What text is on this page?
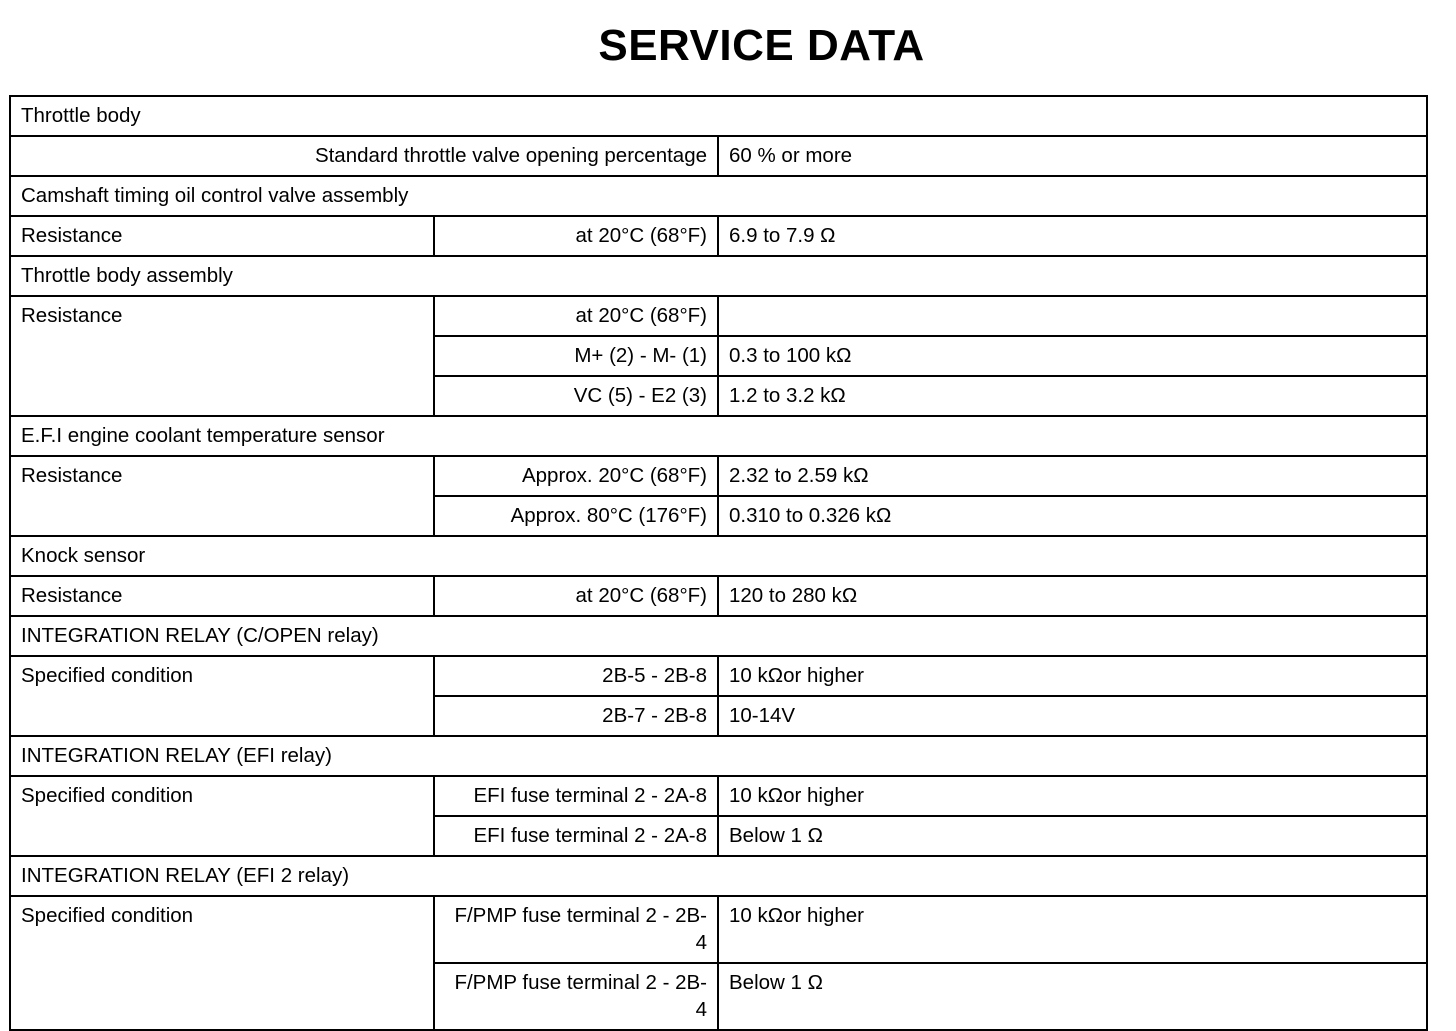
SERVICE DATA
Throttle body		
Standard throttle valve opening percentage		60 % or more
Camshaft timing oil control valve assembly		
Resistance	at 20°C (68°F)	6.9 to 7.9 Ω
Throttle body assembly		
Resistance	at 20°C (68°F)	
	M+ (2) - M- (1)	0.3 to 100 kΩ
	VC (5) - E2 (3)	1.2 to 3.2 kΩ
E.F.I engine coolant temperature sensor		
Resistance	Approx. 20°C (68°F)	2.32 to 2.59 kΩ
	Approx. 80°C (176°F)	0.310 to 0.326 kΩ
Knock sensor		
Resistance	at 20°C (68°F)	120 to 280 kΩ
INTEGRATION RELAY (C/OPEN relay)		
Specified condition	2B-5 - 2B-8	10 kΩor higher
	2B-7 - 2B-8	10-14V
INTEGRATION RELAY (EFI relay)		
Specified condition	EFI fuse terminal 2 - 2A-8	10 kΩor higher
	EFI fuse terminal 2 - 2A-8	Below 1 Ω
INTEGRATION RELAY (EFI 2 relay)		
Specified condition	F/PMP fuse terminal 2 - 2B-4	10 kΩor higher
	F/PMP fuse terminal 2 - 2B-4	Below 1 Ω
